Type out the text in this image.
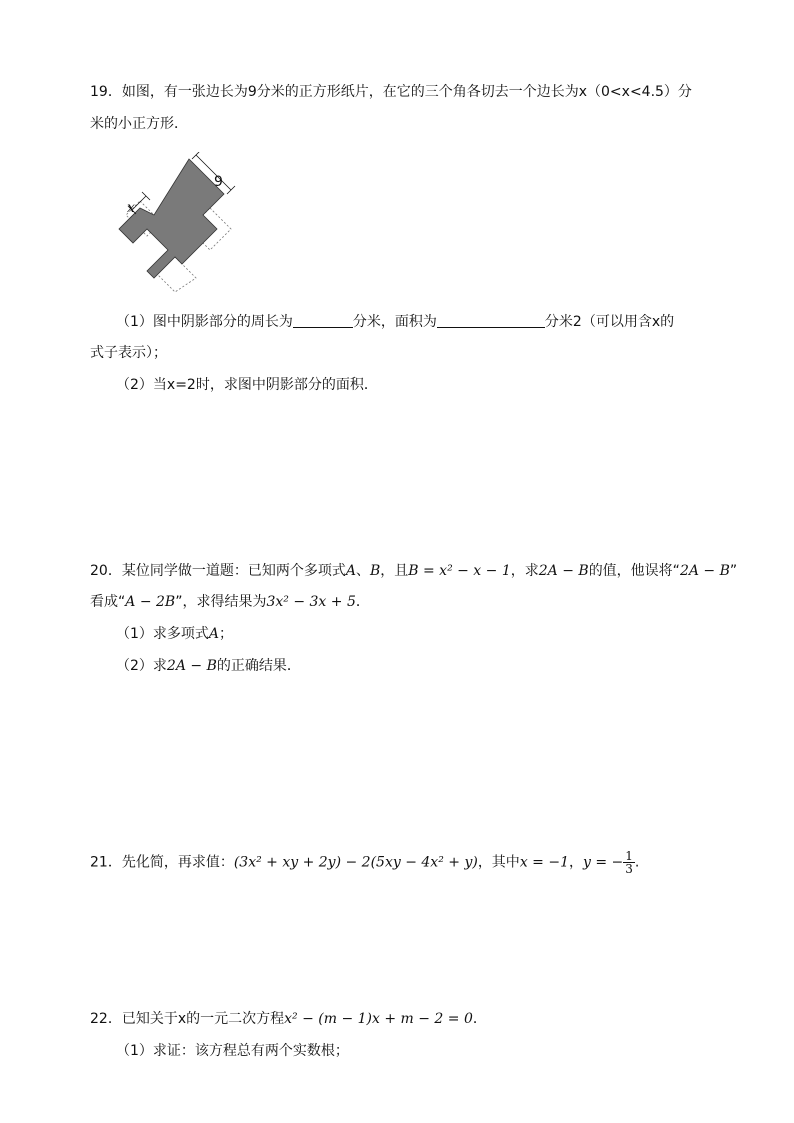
19．如图，有一张边长为9分米的正方形纸片，在它的三个角各切去一个边长为x（0<x<4.5）分
米的小正方形．
9
x
（1）图中阴影部分的周长为	分米，面积为	分米2（可以用含x的
式子表示）；
（2）当x=2时，求图中阴影部分的面积．
20．某位同学做一道题：已知两个多项式A、B，且B = x² − x − 1，求2A − B的值，他误将“2A − B”
看成“A − 2B”，求得结果为3x² − 3x + 5．
（1）求多项式A；
（2）求2A − B的正确结果．
21．先化简，再求值：(3x² + xy + 2y) − 2(5xy − 4x² + y)，其中x = −1，y = − $\frac{1}{3}$ .
22．已知关于x的一元二次方程x² − (m − 1)x + m − 2 = 0．
（1）求证：该方程总有两个实数根；
